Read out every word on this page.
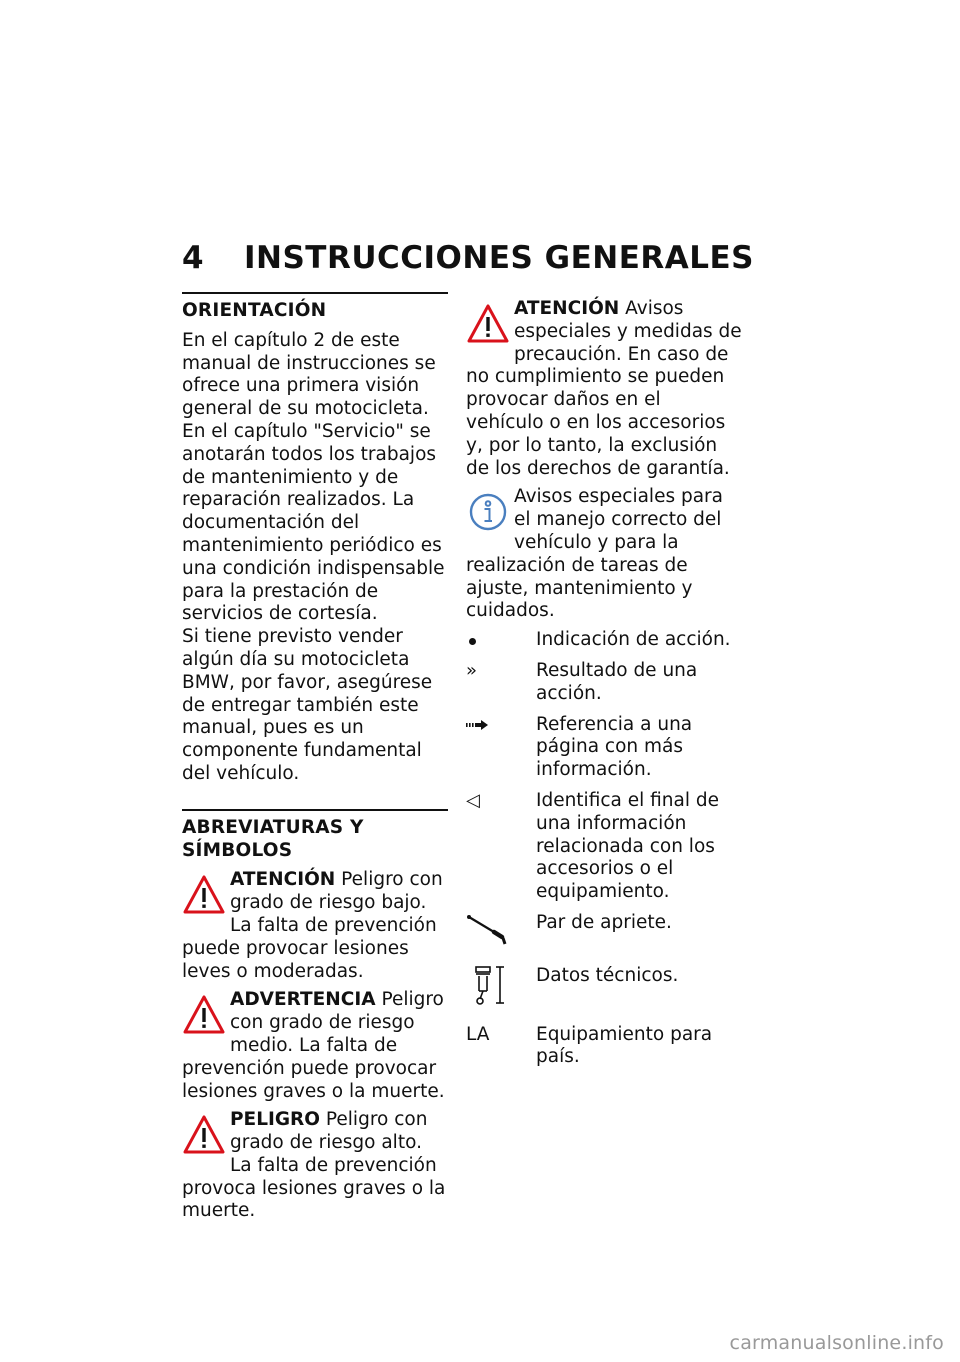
4 INSTRUCCIONES GENERALES
ORIENTACIÓN

En el capítulo 2 de este manual de instrucciones se ofrece una primera visión general de su motocicleta. En el capítulo "Servicio" se anotarán todos los trabajos de mantenimiento y de reparación realizados. La documentación del mantenimiento periódico es una condición indispensable para la prestación de servicios de cortesía.

Si tiene previsto vender algún día su motocicleta BMW, por favor, asegúrese de entregar también este manual, pues es un componente fundamental del vehículo.

ABREVIATURAS Y SÍMBOLOS
ATENCIÓN Peligro con grado de riesgo bajo. La falta de prevención puede provocar lesiones leves o moderadas.
ADVERTENCIA Peligro con grado de riesgo medio. La falta de prevención puede provocar lesiones graves o la muerte.
PELIGRO Peligro con grado de riesgo alto. La falta de prevención provoca lesiones graves o la muerte.
ATENCIÓN Avisos especiales y medidas de precaución. En caso de no cumplimiento se pueden provocar daños en el vehículo o en los accesorios y, por lo tanto, la exclusión de los derechos de garantía.
Avisos especiales para el manejo correcto del vehículo y para la realización de tareas de ajuste, mantenimiento y cuidados.
Indicación de acción.
»	Resultado de una acción.
Referencia a una página con más información.
◁	Identifica el final de una información relacionada con los accesorios o el equipamiento.
Par de apriete.
Datos técnicos.
LA	Equipamiento para país.
carmanualsonline.info
